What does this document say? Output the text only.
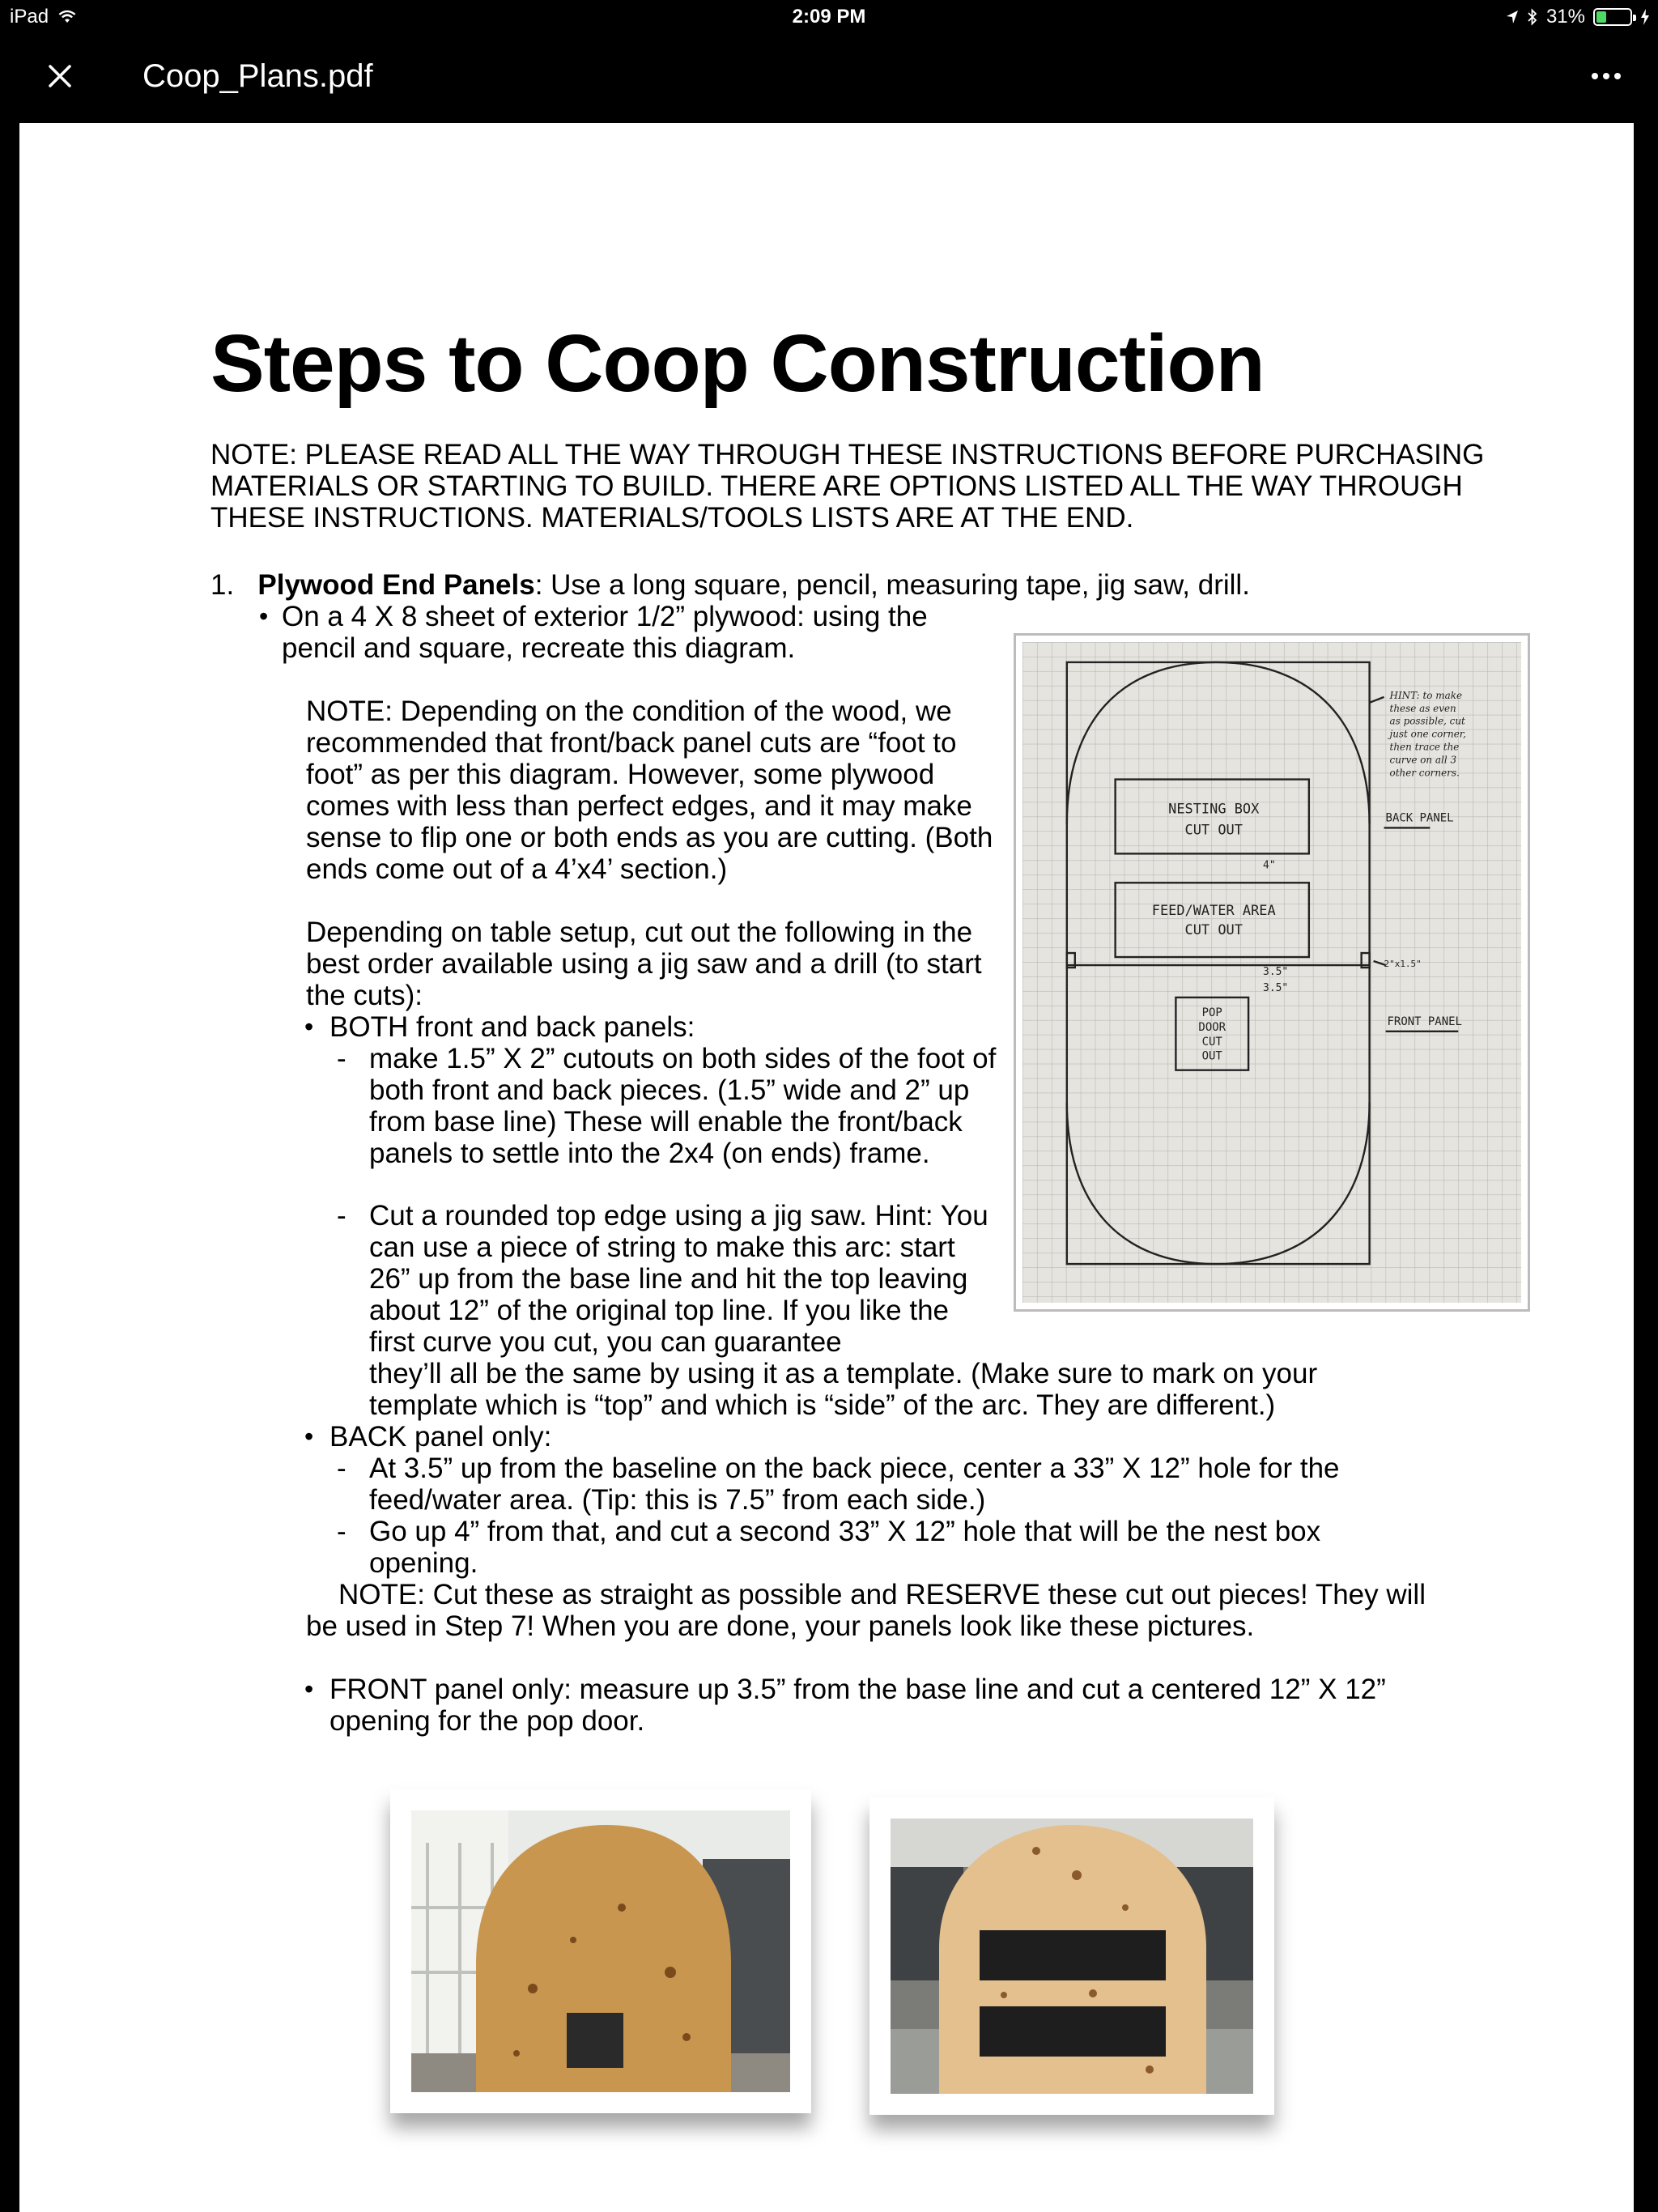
iPad	2:09 PM	31%
Coop_Plans.pdf
Steps to Coop Construction
NOTE: PLEASE READ ALL THE WAY THROUGH THESE INSTRUCTIONS BEFORE PURCHASING MATERIALS OR STARTING TO BUILD. THERE ARE OPTIONS LISTED ALL THE WAY THROUGH THESE INSTRUCTIONS. MATERIALS/TOOLS LISTS ARE AT THE END.
1. Plywood End Panels: Use a long square, pencil, measuring tape, jig saw, drill.
• On a 4 X 8 sheet of exterior 1/2” plywood: using the pencil and square, recreate this diagram.
NOTE: Depending on the condition of the wood, we recommended that front/back panel cuts are “foot to foot” as per this diagram. However, some plywood comes with less than perfect edges, and it may make sense to flip one or both ends as you are cutting. (Both ends come out of a 4’x4’ section.)
Depending on table setup, cut out the following in the best order available using a jig saw and a drill (to start the cuts):
• BOTH front and back panels:
- make 1.5” X 2” cutouts on both sides of the foot of both front and back pieces. (1.5” wide and 2” up from base line) These will enable the front/back panels to settle into the 2x4 (on ends) frame.
- Cut a rounded top edge using a jig saw. Hint: You can use a piece of string to make this arc: start 26” up from the base line and hit the top leaving about 12” of the original top line. If you like the first curve you cut, you can guarantee
they’ll all be the same by using it as a template. (Make sure to mark on your template which is “top” and which is “side” of the arc. They are different.)
• BACK panel only:
- At 3.5” up from the baseline on the back piece, center a 33” X 12” hole for the feed/water area. (Tip: this is 7.5” from each side.)
- Go up 4” from that, and cut a second 33” X 12” hole that will be the nest box opening.
NOTE: Cut these as straight as possible and RESERVE these cut out pieces! They will be used in Step 7! When you are done, your panels look like these pictures.
• FRONT panel only: measure up 3.5” from the base line and cut a centered 12” X 12” opening for the pop door.
NESTING BOX
CUT OUT
FEED/WATER AREA
CUT OUT
POP
DOOR
CUT
OUT
4"
3.5"
3.5"
2"x1.5"
HINT: to make
these as even
as possible, cut
just one corner,
then trace the
curve on all 3
other corners.
BACK PANEL
FRONT PANEL
